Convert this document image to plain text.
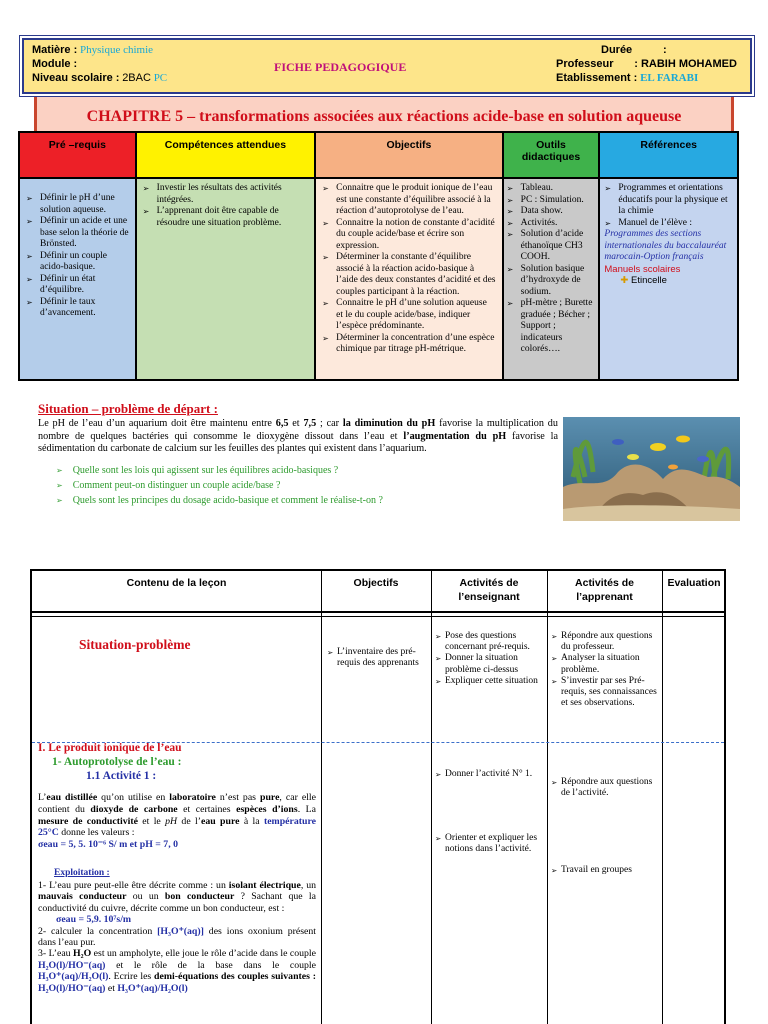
Matière : Physique chimie
Module :
Niveau scolaire : 2BAC PC
FICHE PEDAGOGIQUE
Durée	:
Professeur : RABIH MOHAMED
Etablissement : EL FARABI
CHAPITRE 5 – transformations associées aux réactions acide-base en solution aqueuse
Pré –requis
➢ Définir le pH d’une solution aqueuse.
➢ Définir un acide et une base selon la théorie de Brönsted.
➢ Définir un couple acido-basique.
➢ Définir un état d’équilibre.
➢ Définir le taux d’avancement.
Compétences attendues
➢ Investir les résultats des activités intégrées.
➢ L’apprenant doit être capable de résoudre une situation problème.
Objectifs
➢ Connaitre que le produit ionique de l’eau est une constante d’équilibre associé à la réaction d’autoprotolyse de l’eau.
➢ Connaitre la notion de constante d’acidité du couple acide/base et écrire son expression.
➢ Déterminer la constante d’équilibre associé à la réaction acido-basique à l’aide des deux constantes d’acidité et des couples participant à la réaction.
➢ Connaitre le pH d’une solution aqueuse et le du couple acide/base, indiquer l’espèce prédominante.
➢ Déterminer la concentration d’une espèce chimique par titrage pH-métrique.
Outils
didactiques
➢ Tableau.
➢ PC : Simulation.
➢ Data show.
➢ Activités.
➢ Solution d’acide éthanoïque CH3 COOH.
➢ Solution basique d’hydroxyde de sodium.
➢ pH-mètre ; Burette graduée ; Bécher ; Support ; indicateurs colorés….
Références
➢ Programmes et orientations éducatifs pour la physique et la chimie
➢ Manuel de l’élève :
Programmes des sections internationales du baccalauréat marocain-Option français
Manuels scolaires
✚ Etincelle
Situation – problème de départ :
Le pH de l’eau d’un aquarium doit être maintenu entre 6,5 et 7,5 ; car la diminution du pH favorise la multiplication du nombre de quelques bactéries qui consomme le dioxygène dissout dans l’eau et l’augmentation du pH favorise la sédimentation du carbonate de calcium sur les feuilles des plantes qui existent dans l’aquarium.
➢ Quelle sont les lois qui agissent sur les équilibres acido-basiques ?
➢ Comment peut-on distinguer un couple acide/base ?
➢ Quels sont les principes du dosage acido-basique et comment le réalise-t-on ?
Contenu de la leçon	Objectifs	Activités de
l’enseignant
Activités de
l’apprenant
Evaluation
Situation-problème
➢	L’inventaire des pré-requis des apprenants
➢ Pose des questions concernant pré-requis.
➢ Donner la situation problème ci-dessus
➢ Expliquer cette situation
➢ Répondre aux questions du professeur.
➢ Analyser la situation problème.
➢ S’investir par ses Pré-requis, ses connaissances et ses observations.
I. Le produit ionique de l’eau
1- Autoprotolyse de l’eau :
1.1 Activité 1 :
L’eau distillée qu’on utilise en laboratoire n’est pas pure, car elle contient du dioxyde de carbone et certaines espèces d’ions. La mesure de conductivité et le pH de l’eau pure à la température 25°C donne les valeurs :
σeau = 5, 5. 10⁻⁶ S/ m et pH = 7, 0
Exploitation :
1- L’eau pure peut-elle être décrite comme : un isolant électrique, un mauvais conducteur ou un bon conducteur ? Sachant que la conductivité du cuivre, décrite comme un bon conducteur, est :
σeau = 5,9. 10⁷s/m
2- calculer la concentration [H₃O⁺(aq)] des ions oxonium présent dans l’eau pur.
3- L’eau H₂O est un ampholyte, elle joue le rôle d’acide dans le couple H₂O(l)/HO⁻(aq) et le rôle de la base dans le couple H₃O⁺(aq)/H₂O(l). Ecrire les demi-équations des couples suivantes : H₂O(l)/HO⁻(aq) et H₃O⁺(aq)/H₂O(l)
➢ Donner l’activité N° 1.
➢ Orienter et expliquer les notions dans l’activité.
➢ Répondre aux questions de l’activité.
➢ Travail en groupes
